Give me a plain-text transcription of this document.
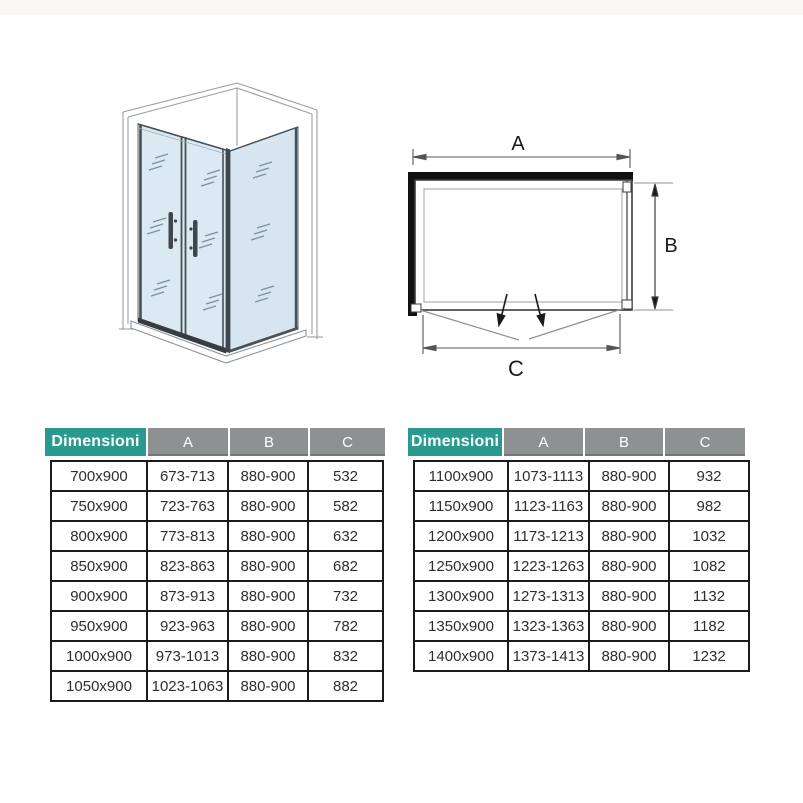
A
B
C
Dimensioni	A	B	C
700x900	673-713	880-900	532
750x900	723-763	880-900	582
800x900	773-813	880-900	632
850x900	823-863	880-900	682
900x900	873-913	880-900	732
950x900	923-963	880-900	782
1000x900	973-1013	880-900	832
1050x900	1023-1063	880-900	882
Dimensioni	A	B	C
1100x900	1073-1113	880-900	932
1150x900	1123-1163	880-900	982
1200x900	1173-1213	880-900	1032
1250x900	1223-1263	880-900	1082
1300x900	1273-1313	880-900	1132
1350x900	1323-1363	880-900	1182
1400x900	1373-1413	880-900	1232
